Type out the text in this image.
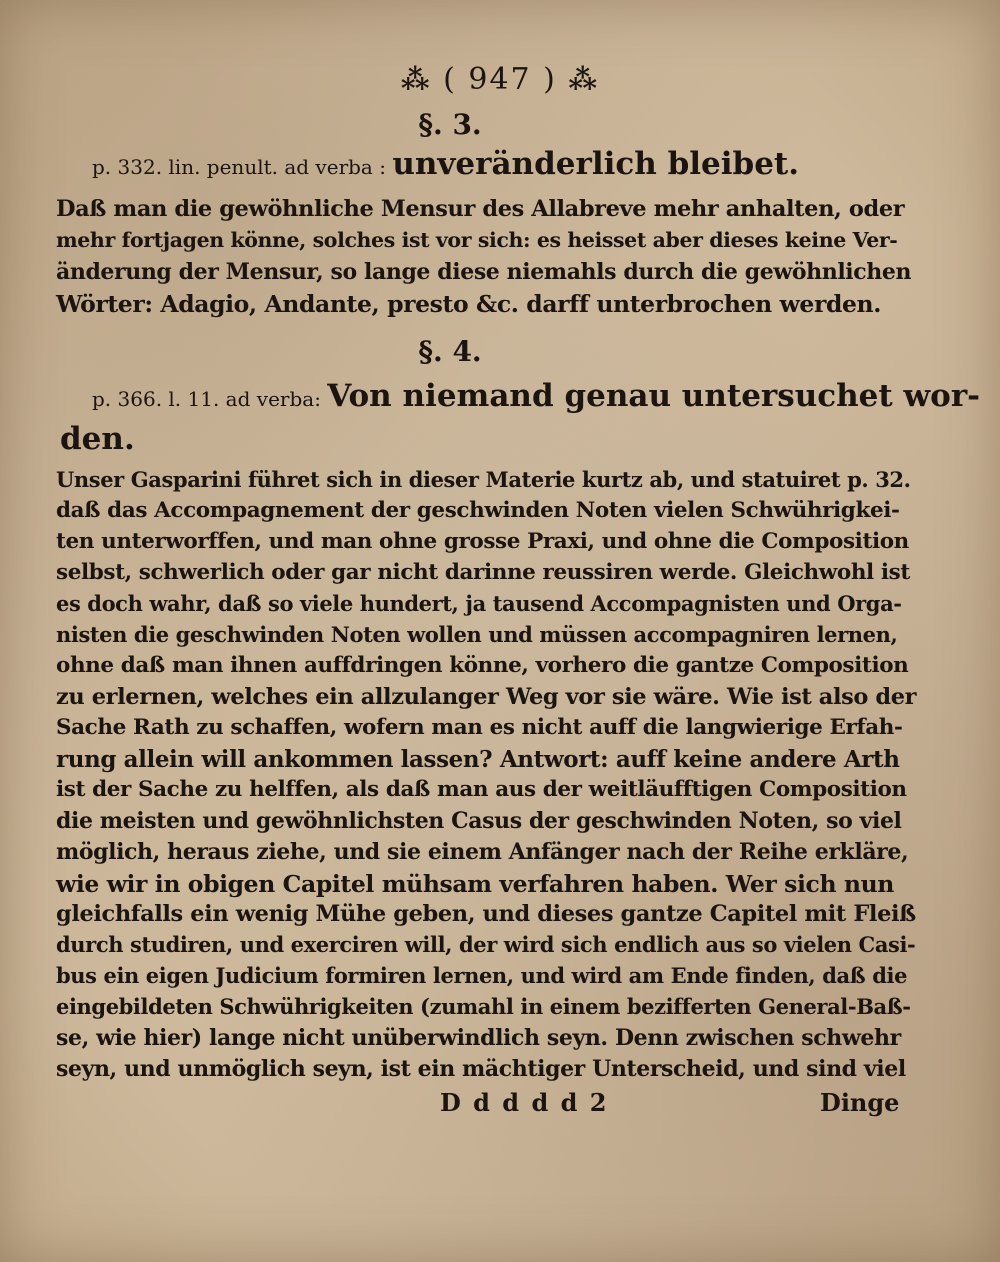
⁂ ( 947 ) ⁂
§. 3.
p. 332. lin. penult. ad verba : unveränderlich bleibet.
Daß man die gewöhnliche Mensur des Allabreve mehr anhalten, oder
mehr fortjagen könne, solches ist vor sich: es heisset aber dieses keine Ver-
änderung der Mensur, so lange diese niemahls durch die gewöhnlichen
Wörter: Adagio, Andante, presto &c. darff unterbrochen werden.
§. 4.
p. 366. l. 11. ad verba: Von niemand genau untersuchet wor-
den.
Unser Gasparini führet sich in dieser Materie kurtz ab, und statuiret p. 32.
daß das Accompagnement der geschwinden Noten vielen Schwührigkei-
ten unterworffen, und man ohne grosse Praxi, und ohne die Composition
selbst, schwerlich oder gar nicht darinne reussiren werde. Gleichwohl ist
es doch wahr, daß so viele hundert, ja tausend Accompagnisten und Orga-
nisten die geschwinden Noten wollen und müssen accompagniren lernen,
ohne daß man ihnen auffdringen könne, vorhero die gantze Composition
zu erlernen, welches ein allzulanger Weg vor sie wäre. Wie ist also der
Sache Rath zu schaffen, wofern man es nicht auff die langwierige Erfah-
rung allein will ankommen lassen? Antwort: auff keine andere Arth
ist der Sache zu helffen, als daß man aus der weitläufftigen Composition
die meisten und gewöhnlichsten Casus der geschwinden Noten, so viel
möglich, heraus ziehe, und sie einem Anfänger nach der Reihe erkläre,
wie wir in obigen Capitel mühsam verfahren haben. Wer sich nun
gleichfalls ein wenig Mühe geben, und dieses gantze Capitel mit Fleiß
durch studiren, und exerciren will, der wird sich endlich aus so vielen Casi-
bus ein eigen Judicium formiren lernen, und wird am Ende finden, daß die
eingebildeten Schwührigkeiten (zumahl in einem bezifferten General-Baß-
se, wie hier) lange nicht unüberwindlich seyn. Denn zwischen schwehr
seyn, und unmöglich seyn, ist ein mächtiger Unterscheid, und sind viel
D d d d d 2	Dinge
